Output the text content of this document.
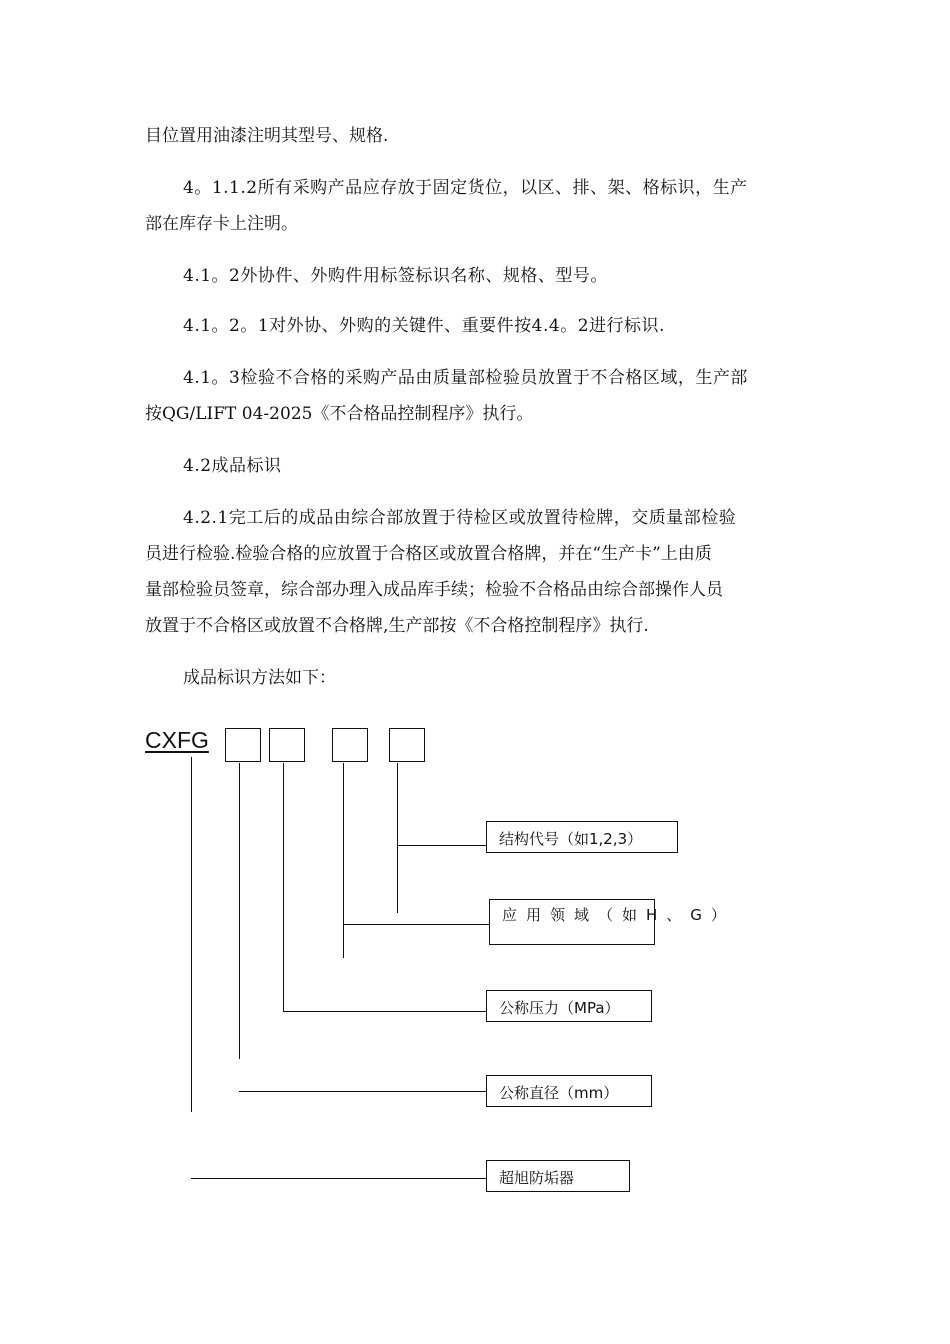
目位置用油漆注明其型号、规格.
4。1.1.2所有采购产品应存放于固定货位，以区、排、架、格标识，生产
部在库存卡上注明。
4.1。2外协件、外购件用标签标识名称、规格、型号。
4.1。2。1对外协、外购的关键件、重要件按4.4。2进行标识.
4.1。3检验不合格的采购产品由质量部检验员放置于不合格区域，生产部
按QG/LIFT 04-2025《不合格品控制程序》执行。
4.2成品标识
4.2.1完工后的成品由综合部放置于待检区或放置待检牌，交质量部检验
员进行检验.检验合格的应放置于合格区或放置合格牌，并在“生产卡”上由质
量部检验员签章，综合部办理入成品库手续；检验不合格品由综合部操作人员
放置于不合格区或放置不合格牌,生产部按《不合格控制程序》执行.
成品标识方法如下：
CXFG
结构代号（如1,2,3）
应用领域（如H、G）
公称压力（MPa）
公称直径（mm）
超旭防垢器
